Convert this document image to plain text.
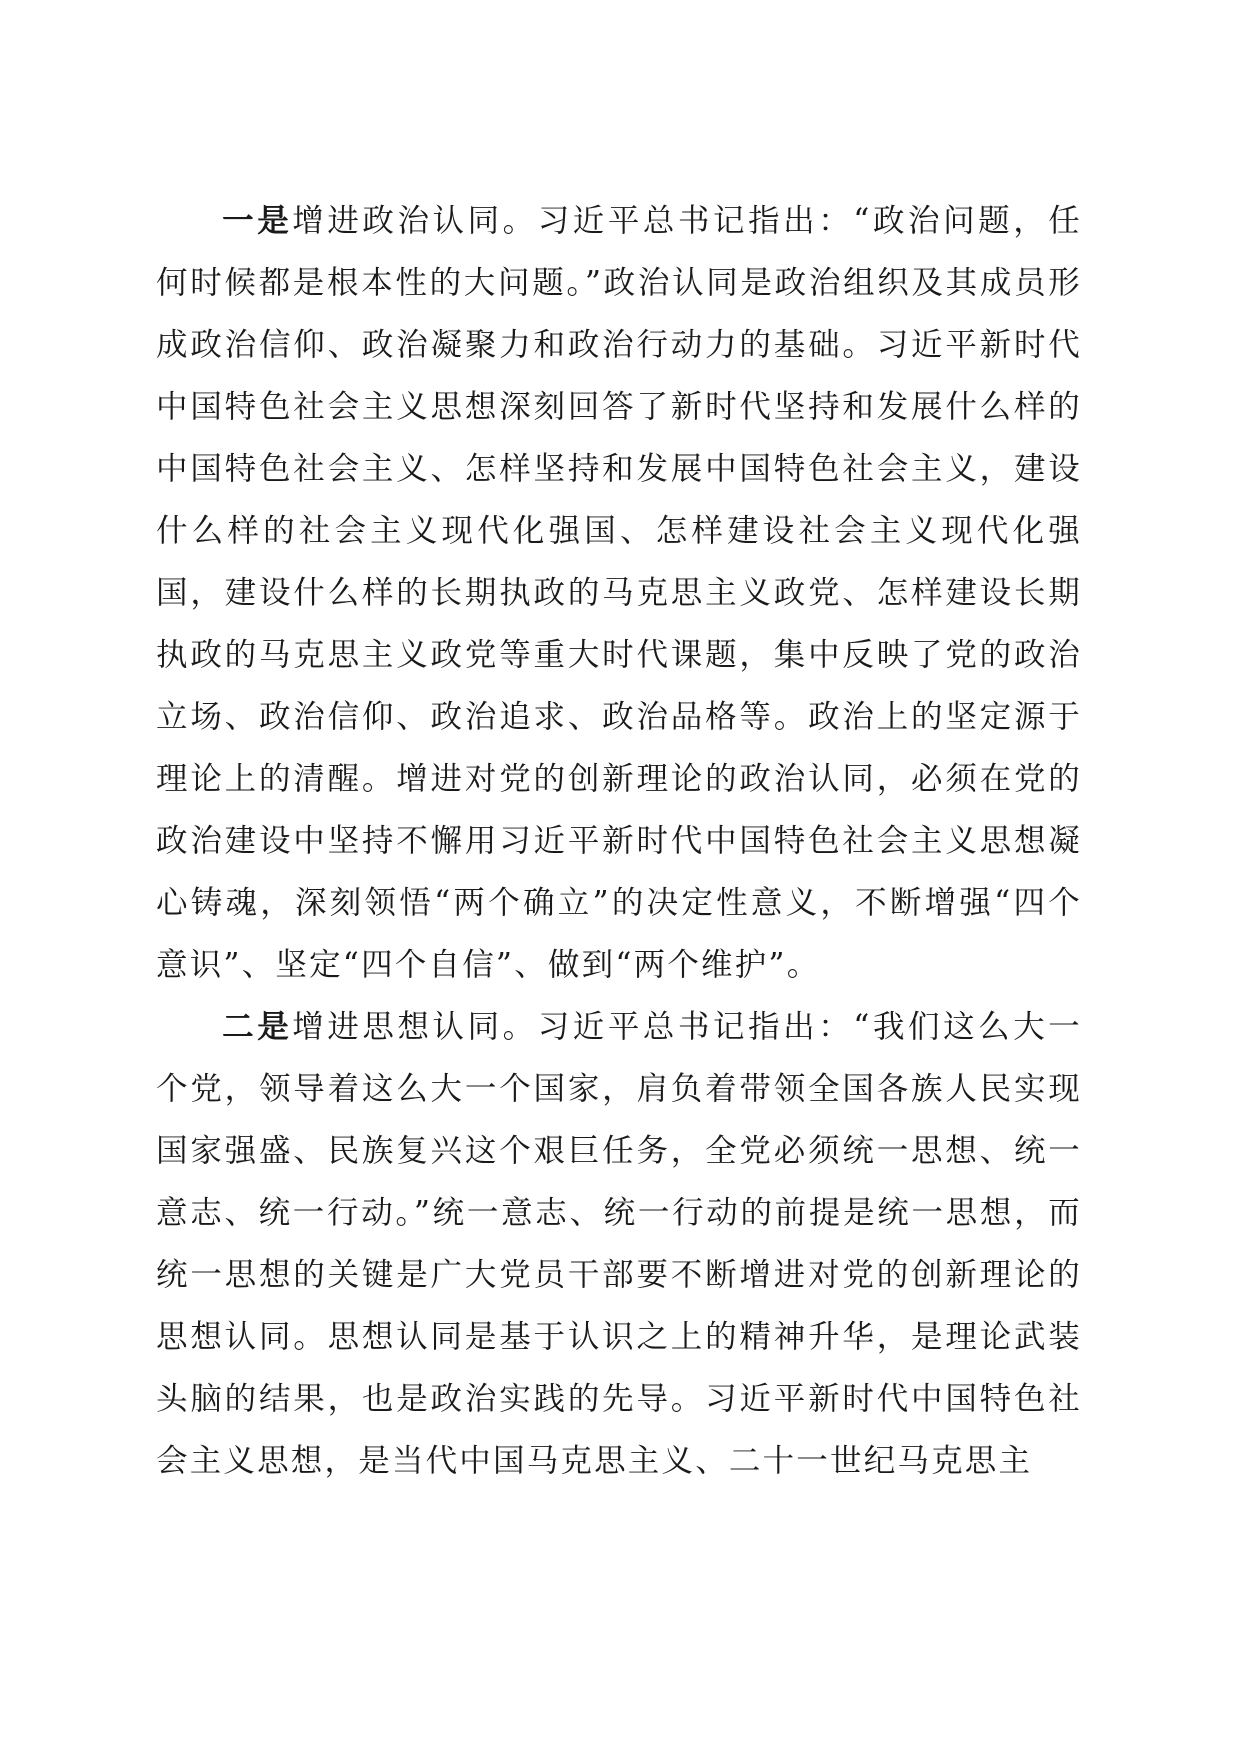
一是增进政治认同。习近平总书记指出：“政治问题，任何时候都是根本性的大问题。”政治认同是政治组织及其成员形成政治信仰、政治凝聚力和政治行动力的基础。习近平新时代中国特色社会主义思想深刻回答了新时代坚持和发展什么样的中国特色社会主义、怎样坚持和发展中国特色社会主义，建设什么样的社会主义现代化强国、怎样建设社会主义现代化强国，建设什么样的长期执政的马克思主义政党、怎样建设长期执政的马克思主义政党等重大时代课题，集中反映了党的政治立场、政治信仰、政治追求、政治品格等。政治上的坚定源于理论上的清醒。增进对党的创新理论的政治认同，必须在党的政治建设中坚持不懈用习近平新时代中国特色社会主义思想凝心铸魂，深刻领悟“两个确立”的决定性意义，不断增强“四个意识”、坚定“四个自信”、做到“两个维护”。

二是增进思想认同。习近平总书记指出：“我们这么大一个党，领导着这么大一个国家，肩负着带领全国各族人民实现国家强盛、民族复兴这个艰巨任务，全党必须统一思想、统一意志、统一行动。”统一意志、统一行动的前提是统一思想，而统一思想的关键是广大党员干部要不断增进对党的创新理论的思想认同。思想认同是基于认识之上的精神升华，是理论武装头脑的结果，也是政治实践的先导。习近平新时代中国特色社会主义思想，是当代中国马克思主义、二十一世纪马克思主
